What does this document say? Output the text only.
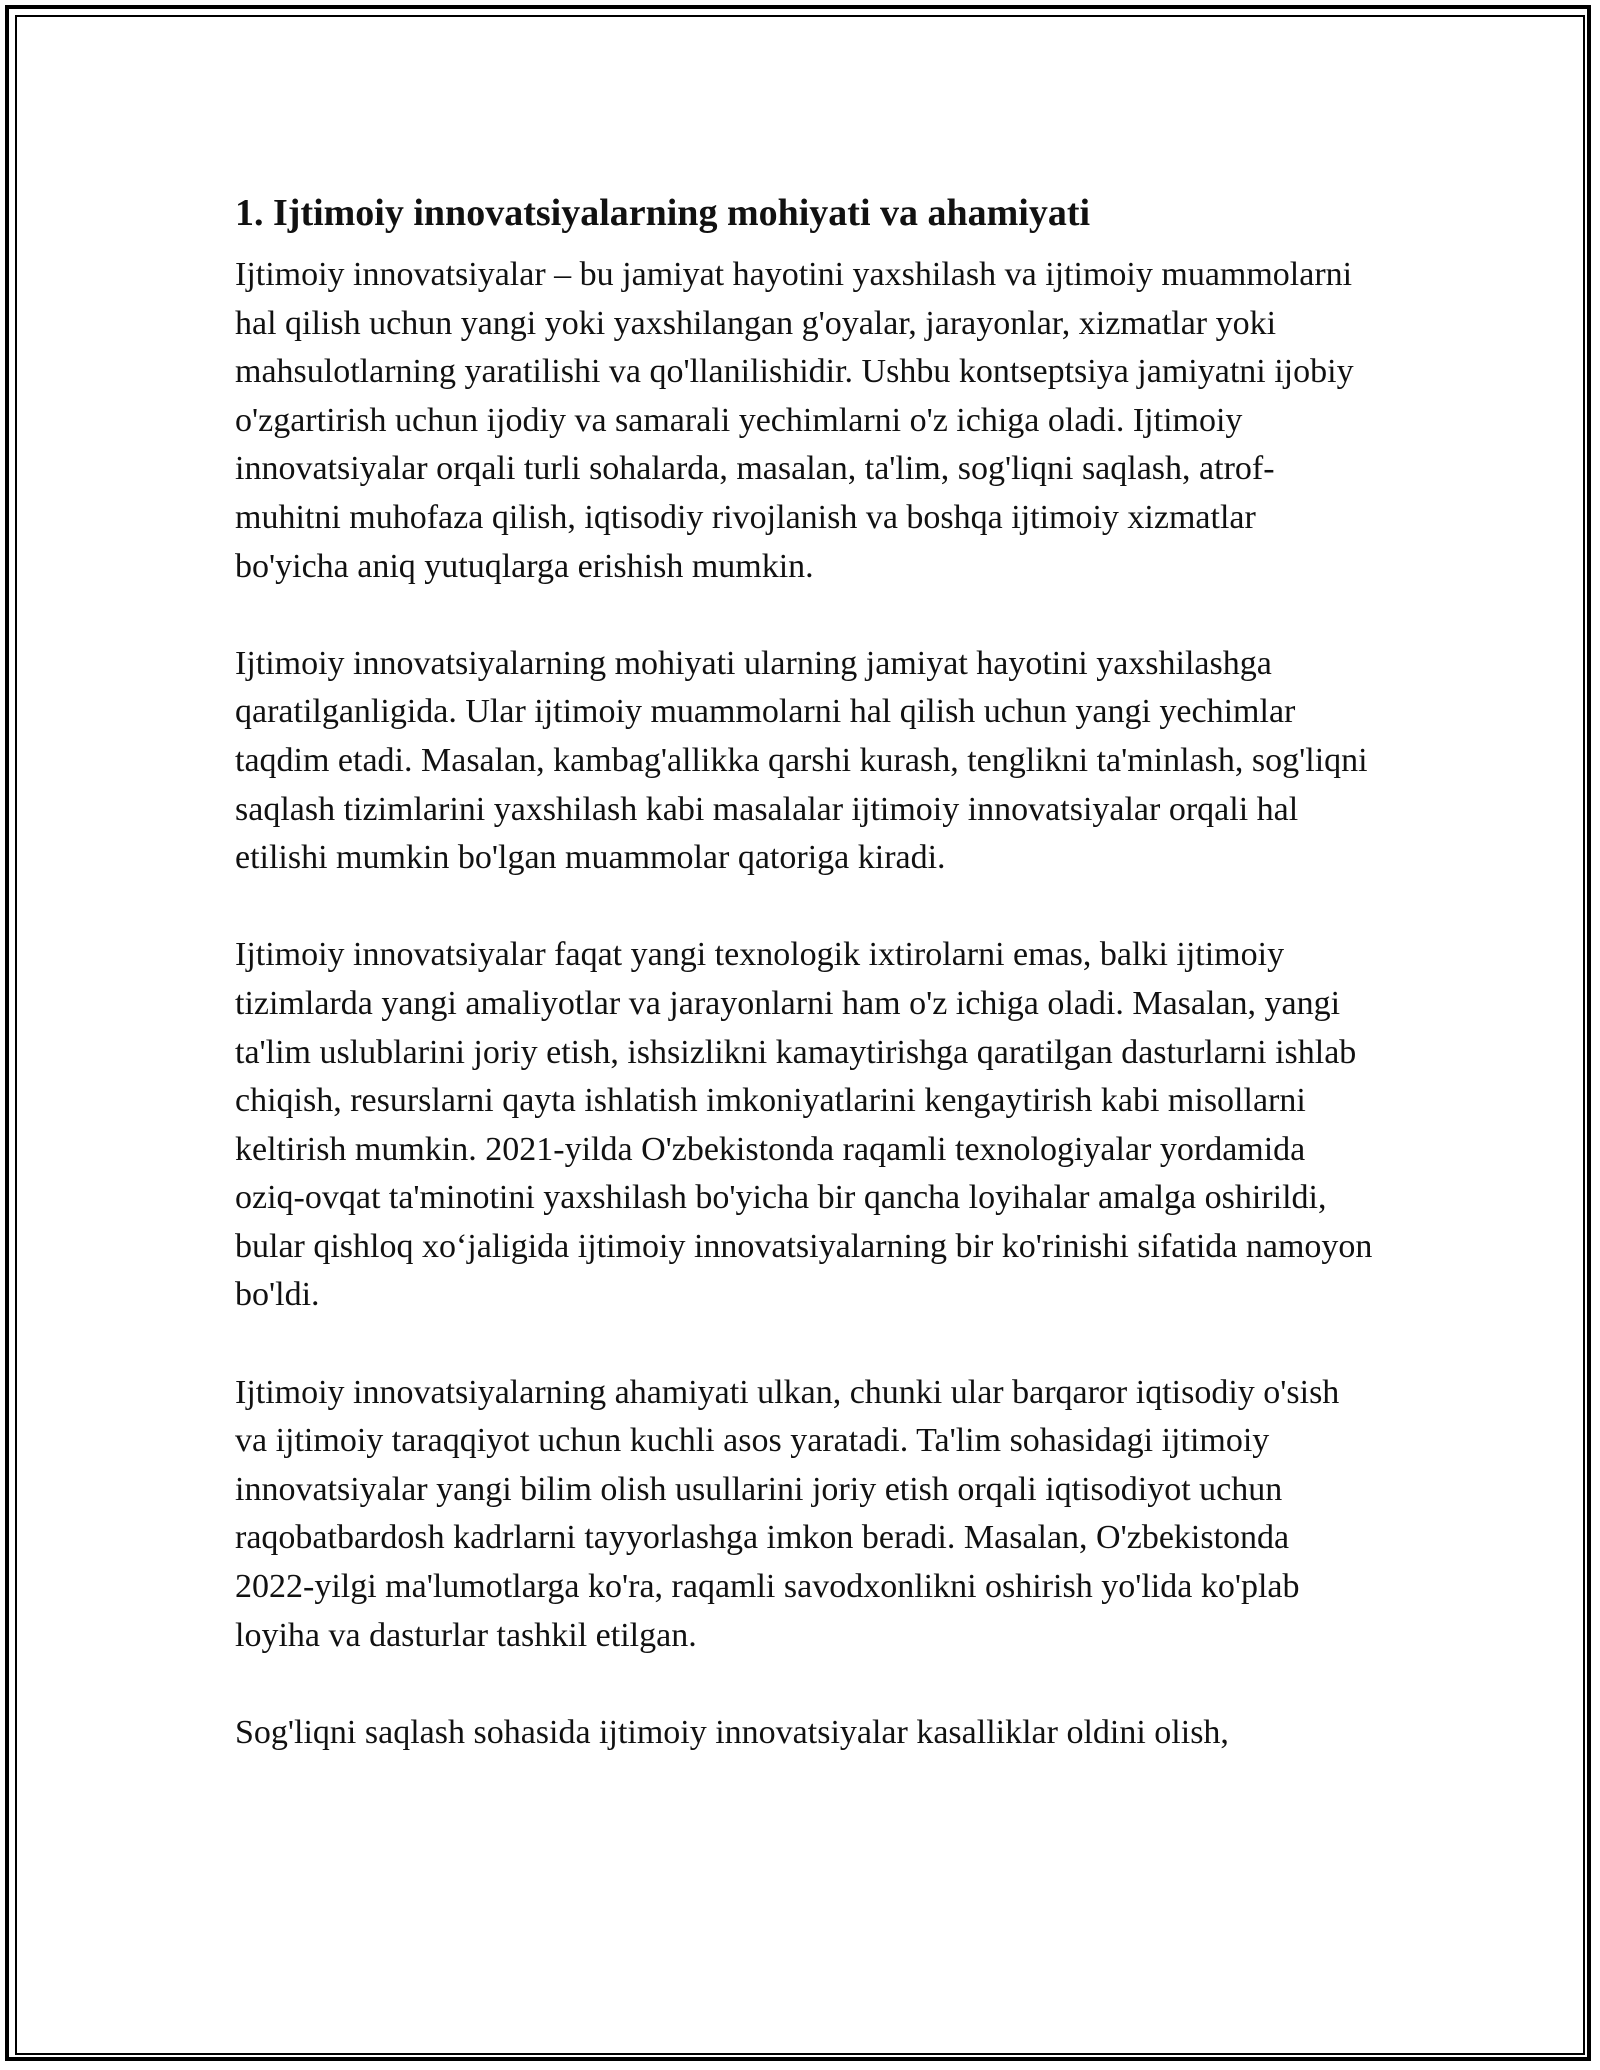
1. Ijtimoiy innovatsiyalarning mohiyati va ahamiyati

Ijtimoiy innovatsiyalar – bu jamiyat hayotini yaxshilash va ijtimoiy muammolarni hal qilish uchun yangi yoki yaxshilangan g'oyalar, jarayonlar, xizmatlar yoki mahsulotlarning yaratilishi va qo'llanilishidir. Ushbu kontseptsiya jamiyatni ijobiy o'zgartirish uchun ijodiy va samarali yechimlarni o'z ichiga oladi. Ijtimoiy innovatsiyalar orqali turli sohalarda, masalan, ta'lim, sog'liqni saqlash, atrof-muhitni muhofaza qilish, iqtisodiy rivojlanish va boshqa ijtimoiy xizmatlar bo'yicha aniq yutuqlarga erishish mumkin.

Ijtimoiy innovatsiyalarning mohiyati ularning jamiyat hayotini yaxshilashga qaratilganligida. Ular ijtimoiy muammolarni hal qilish uchun yangi yechimlar taqdim etadi. Masalan, kambag'allikka qarshi kurash, tenglikni ta'minlash, sog'liqni saqlash tizimlarini yaxshilash kabi masalalar ijtimoiy innovatsiyalar orqali hal etilishi mumkin bo'lgan muammolar qatoriga kiradi.

Ijtimoiy innovatsiyalar faqat yangi texnologik ixtirolarni emas, balki ijtimoiy tizimlarda yangi amaliyotlar va jarayonlarni ham o'z ichiga oladi. Masalan, yangi ta'lim uslublarini joriy etish, ishsizlikni kamaytirishga qaratilgan dasturlarni ishlab chiqish, resurslarni qayta ishlatish imkoniyatlarini kengaytirish kabi misollarni keltirish mumkin. 2021-yilda O'zbekistonda raqamli texnologiyalar yordamida oziq-ovqat ta'minotini yaxshilash bo'yicha bir qancha loyihalar amalga oshirildi, bular qishloq xo‘jaligida ijtimoiy innovatsiyalarning bir ko'rinishi sifatida namoyon bo'ldi.

Ijtimoiy innovatsiyalarning ahamiyati ulkan, chunki ular barqaror iqtisodiy o'sish va ijtimoiy taraqqiyot uchun kuchli asos yaratadi. Ta'lim sohasidagi ijtimoiy innovatsiyalar yangi bilim olish usullarini joriy etish orqali iqtisodiyot uchun raqobatbardosh kadrlarni tayyorlashga imkon beradi. Masalan, O'zbekistonda 2022-yilgi ma'lumotlarga ko'ra, raqamli savodxonlikni oshirish yo'lida ko'plab loyiha va dasturlar tashkil etilgan.

Sog'liqni saqlash sohasida ijtimoiy innovatsiyalar kasalliklar oldini olish,
